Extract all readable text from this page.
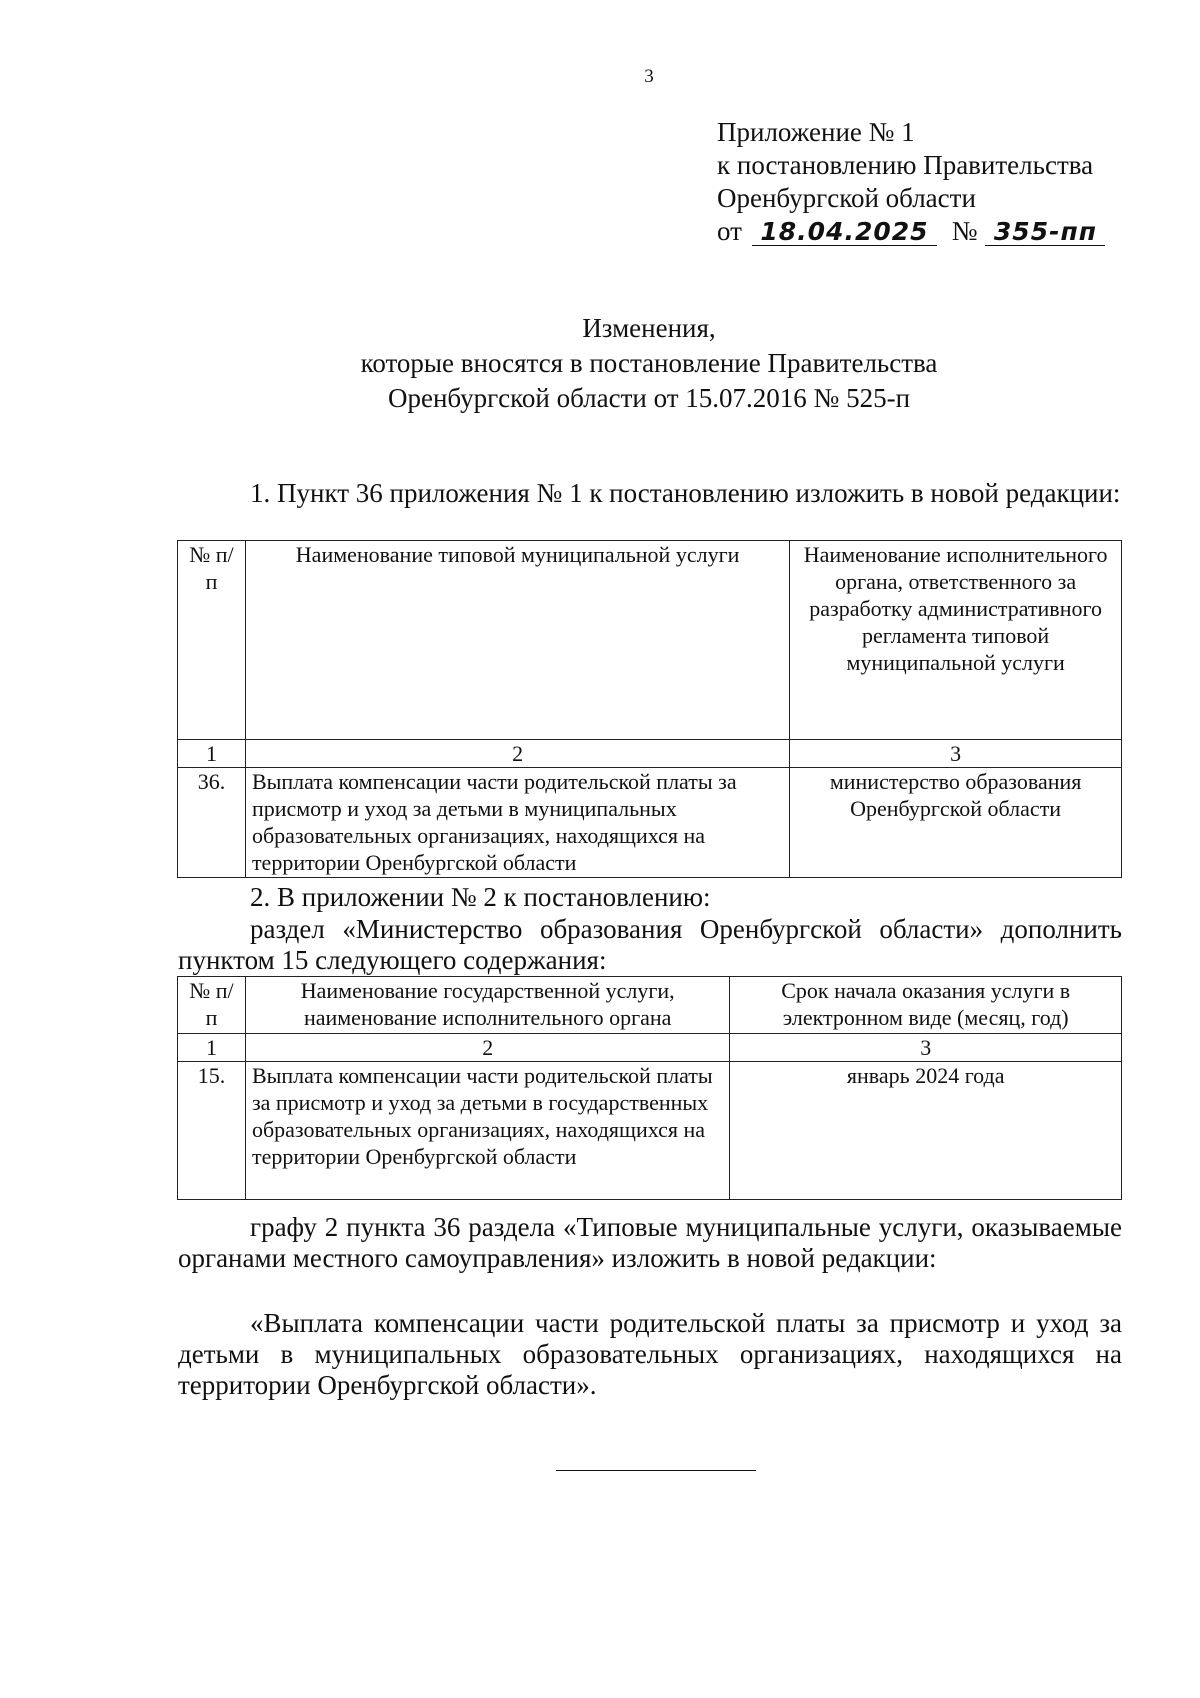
3
Приложение № 1
к постановлению Правительства
Оренбургской области
от 18.04.2025 № 355-пп
Изменения,
которые вносятся в постановление Правительства
Оренбургской области от 15.07.2016 № 525-п
1. Пункт 36 приложения № 1 к постановлению изложить в новой редакции:
№ п/п	Наименование типовой муниципальной услуги	Наименование исполнительного органа, ответственного за разработку административного регламента типовой муниципальной услуги
1	2	3
36.	Выплата компенсации части родительской платы за присмотр и уход за детьми в муниципальных образовательных организациях, находящихся на территории Оренбургской области	министерство образования Оренбургской области
2. В приложении № 2 к постановлению:
раздел «Министерство образования Оренбургской области» дополнить пунктом 15 следующего содержания:
№ п/п	Наименование государственной услуги, наименование исполнительного органа	Срок начала оказания услуги в электронном виде (месяц, год)
1	2	3
15.	Выплата компенсации части родительской платы за присмотр и уход за детьми в государственных образовательных организациях, находящихся на территории Оренбургской области	январь 2024 года
графу 2 пункта 36 раздела «Типовые муниципальные услуги, оказываемые органами местного самоуправления» изложить в новой редакции:
«Выплата компенсации части родительской платы за присмотр и уход за детьми в муниципальных образовательных организациях, находящихся на территории Оренбургской области».
